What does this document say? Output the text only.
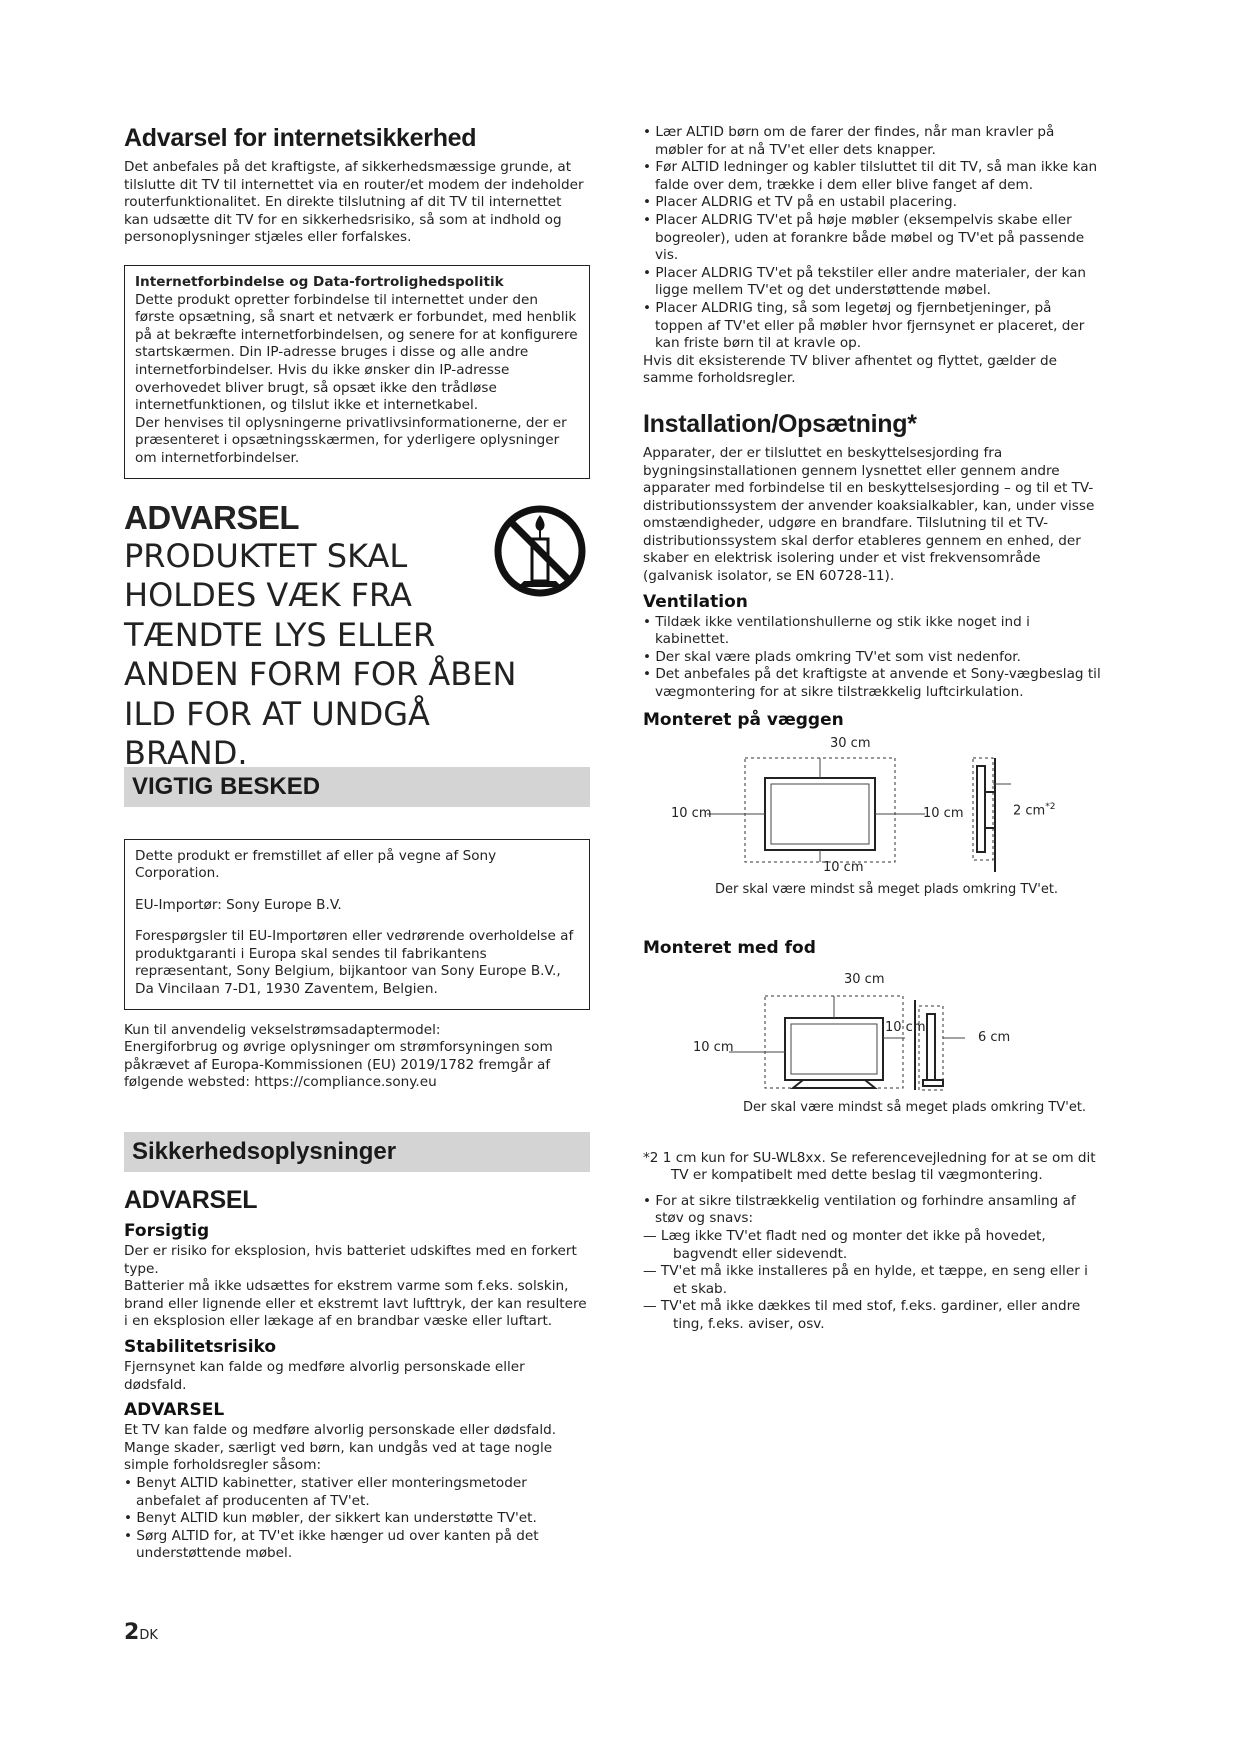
Advarsel for internetsikkerhed

Det anbefales på det kraftigste, af sikkerhedsmæssige grunde, at tilslutte dit TV til internettet via en router/et modem der indeholder routerfunktionalitet. En direkte tilslutning af dit TV til internettet kan udsætte dit TV for en sikkerhedsrisiko, så som at indhold og personoplysninger stjæles eller forfalskes.

Internetforbindelse og Data-fortrolighedspolitik

Dette produkt opretter forbindelse til internettet under den første opsætning, så snart et netværk er forbundet, med henblik på at bekræfte internetforbindelsen, og senere for at konfigurere startskærmen. Din IP-adresse bruges i disse og alle andre internetforbindelser. Hvis du ikke ønsker din IP-adresse overhovedet bliver brugt, så opsæt ikke den trådløse internetfunktionen, og tilslut ikke et internetkabel.

Der henvises til oplysningerne privatlivsinformationerne, der er præsenteret i opsætningsskærmen, for yderligere oplysninger om internetforbindelser.

ADVARSEL
PRODUKTET SKAL HOLDES VÆK FRA TÆNDTE LYS ELLER ANDEN FORM FOR ÅBEN ILD FOR AT UNDGÅ BRAND.
VIGTIG BESKED

Dette produkt er fremstillet af eller på vegne af Sony Corporation.

EU-Importør: Sony Europe B.V.

Forespørgsler til EU-Importøren eller vedrørende overholdelse af produktgaranti i Europa skal sendes til fabrikantens repræsentant, Sony Belgium, bijkantoor van Sony Europe B.V., Da Vincilaan 7-D1, 1930 Zaventem, Belgien.

Kun til anvendelig vekselstrømsadaptermodel:

Energiforbrug og øvrige oplysninger om strømforsyningen som påkrævet af Europa-Kommissionen (EU) 2019/1782 fremgår af følgende websted: https://compliance.sony.eu

Sikkerhedsoplysninger
ADVARSEL
Forsigtig

Der er risiko for eksplosion, hvis batteriet udskiftes med en forkert type.

Batterier må ikke udsættes for ekstrem varme som f.eks. solskin, brand eller lignende eller et ekstremt lavt lufttryk, der kan resultere i en eksplosion eller lækage af en brandbar væske eller luftart.

Stabilitetsrisiko

Fjernsynet kan falde og medføre alvorlig personskade eller dødsfald.

ADVARSEL

Et TV kan falde og medføre alvorlig personskade eller dødsfald. Mange skader, særligt ved børn, kan undgås ved at tage nogle simple forholdsregler såsom:

• Benyt ALTID kabinetter, stativer eller monteringsmetoder anbefalet af producenten af TV'et.
• Benyt ALTID kun møbler, der sikkert kan understøtte TV'et.
• Sørg ALTID for, at TV'et ikke hænger ud over kanten på det understøttende møbel.
• Lær ALTID børn om de farer der findes, når man kravler på møbler for at nå TV'et eller dets knapper.
• Før ALTID ledninger og kabler tilsluttet til dit TV, så man ikke kan falde over dem, trække i dem eller blive fanget af dem.
• Placer ALDRIG et TV på en ustabil placering.
• Placer ALDRIG TV'et på høje møbler (eksempelvis skabe eller bogreoler), uden at forankre både møbel og TV'et på passende vis.
• Placer ALDRIG TV'et på tekstiler eller andre materialer, der kan ligge mellem TV'et og det understøttende møbel.
• Placer ALDRIG ting, så som legetøj og fjernbetjeninger, på toppen af TV'et eller på møbler hvor fjernsynet er placeret, der kan friste børn til at kravle op.

Hvis dit eksisterende TV bliver afhentet og flyttet, gælder de samme forholdsregler.

Installation/Opsætning*

Apparater, der er tilsluttet en beskyttelsesjording fra bygningsinstallationen gennem lysnettet eller gennem andre apparater med forbindelse til en beskyttelsesjording – og til et TV-distributionssystem der anvender koaksialkabler, kan, under visse omstændigheder, udgøre en brandfare. Tilslutning til et TV-distributionssystem skal derfor etableres gennem en enhed, der skaber en elektrisk isolering under et vist frekvensområde (galvanisk isolator, se EN 60728-11).

Ventilation
• Tildæk ikke ventilationshullerne og stik ikke noget ind i kabinettet.
• Der skal være plads omkring TV'et som vist nedenfor.
• Det anbefales på det kraftigste at anvende et Sony-vægbeslag til vægmontering for at sikre tilstrækkelig luftcirkulation.
Monteret på væggen
30 cm
10 cm	10 cm
10 cm
2 $cm^{*2}$
Der skal være mindst så meget plads omkring TV'et.
Monteret med fod
30 cm
10 cm
10 cm
6 cm
Der skal være mindst så meget plads omkring TV'et.

*2 1 cm kun for SU-WL8xx. Se referencevejledning for at se om dit TV er kompatibelt med dette beslag til vægmontering.

• For at sikre tilstrækkelig ventilation og forhindre ansamling af støv og snavs:
— Læg ikke TV'et fladt ned og monter det ikke på hovedet, bagvendt eller sidevendt.
— TV'et må ikke installeres på en hylde, et tæppe, en seng eller i et skab.
— TV'et må ikke dækkes til med stof, f.eks. gardiner, eller andre ting, f.eks. aviser, osv.
2DK
